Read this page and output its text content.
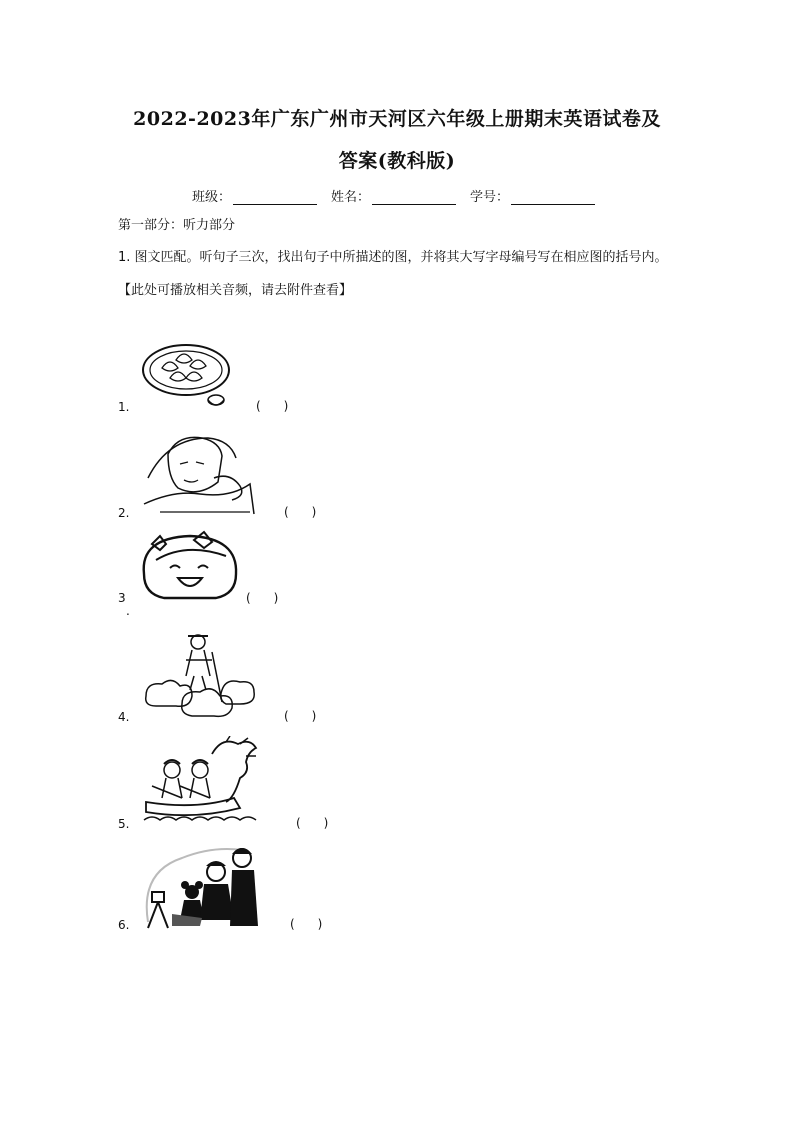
2022-2023年广东广州市天河区六年级上册期末英语试卷及
答案(教科版)
班级：	姓名：	学号：
第一部分：听力部分
1. 图文匹配。听句子三次，找出句子中所描述的图，并将其大写字母编号写在相应图的括号内。【此处可播放相关音频，请去附件查看】
1.	(      )
2.	(      )
3
.
(      )
4.	(      )
5.	(      )
6.	(      )
